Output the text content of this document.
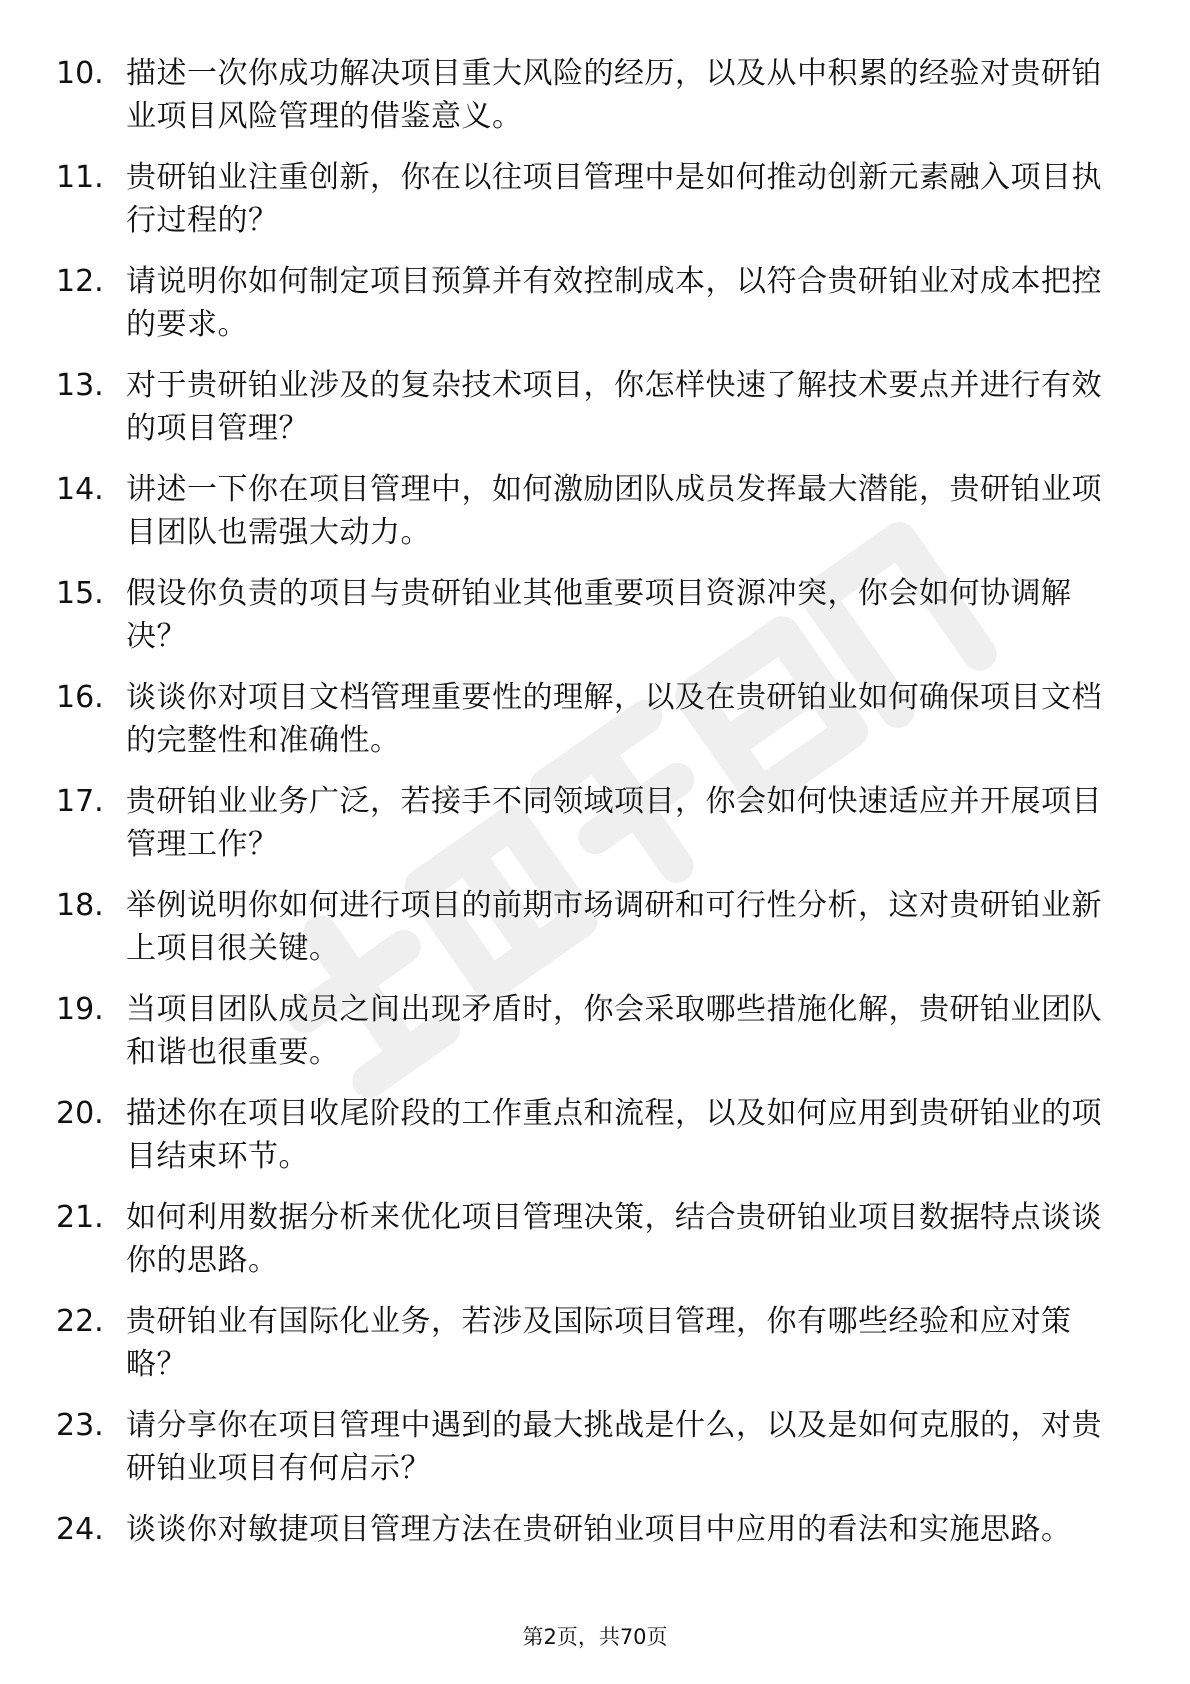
10. 描述一次你成功解决项目重大风险的经历，以及从中积累的经验对贵研铂业项目风险管理的借鉴意义。
11. 贵研铂业注重创新，你在以往项目管理中是如何推动创新元素融入项目执行过程的？
12. 请说明你如何制定项目预算并有效控制成本，以符合贵研铂业对成本把控的要求。
13. 对于贵研铂业涉及的复杂技术项目，你怎样快速了解技术要点并进行有效的项目管理？
14. 讲述一下你在项目管理中，如何激励团队成员发挥最大潜能，贵研铂业项目团队也需强大动力。
15. 假设你负责的项目与贵研铂业其他重要项目资源冲突，你会如何协调解决？
16. 谈谈你对项目文档管理重要性的理解，以及在贵研铂业如何确保项目文档的完整性和准确性。
17. 贵研铂业业务广泛，若接手不同领域项目，你会如何快速适应并开展项目管理工作？
18. 举例说明你如何进行项目的前期市场调研和可行性分析，这对贵研铂业新上项目很关键。
19. 当项目团队成员之间出现矛盾时，你会采取哪些措施化解，贵研铂业团队和谐也很重要。
20. 描述你在项目收尾阶段的工作重点和流程，以及如何应用到贵研铂业的项目结束环节。
21. 如何利用数据分析来优化项目管理决策，结合贵研铂业项目数据特点谈谈你的思路。
22. 贵研铂业有国际化业务，若涉及国际项目管理，你有哪些经验和应对策略？
23. 请分享你在项目管理中遇到的最大挑战是什么，以及是如何克服的，对贵研铂业项目有何启示？
24. 谈谈你对敏捷项目管理方法在贵研铂业项目中应用的看法和实施思路。
第2页，共70页
